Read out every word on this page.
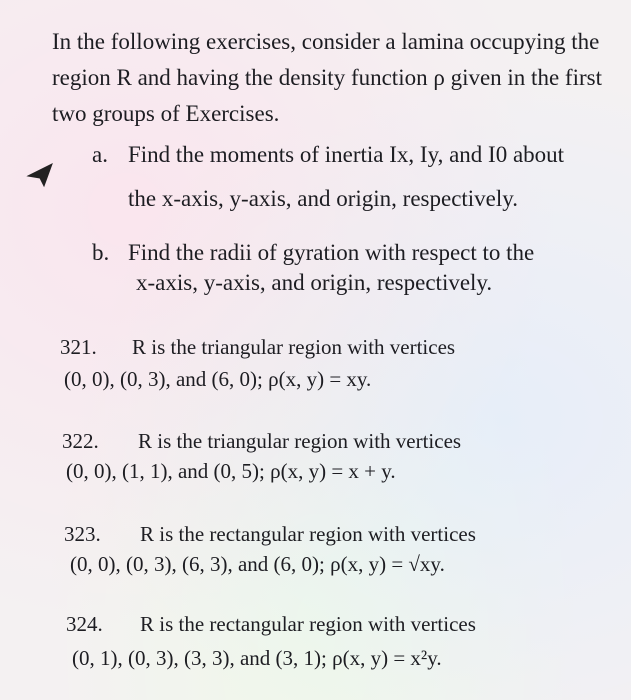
In the following exercises, consider a lamina occupying the region R and having the density function ρ given in the first two groups of Exercises.
a. Find the moments of inertia Ix, Iy, and I0 about
the x-axis, y-axis, and origin, respectively.
b. Find the radii of gyration with respect to the
x-axis, y-axis, and origin, respectively.
321. R is the triangular region with vertices
(0, 0), (0, 3), and (6, 0); ρ(x, y) = xy.
322. R is the triangular region with vertices
(0, 0), (1, 1), and (0, 5); ρ(x, y) = x + y.
323. R is the rectangular region with vertices
(0, 0), (0, 3), (6, 3), and (6, 0); ρ(x, y) = √xy.
324. R is the rectangular region with vertices
(0, 1), (0, 3), (3, 3), and (3, 1); ρ(x, y) = x²y.
